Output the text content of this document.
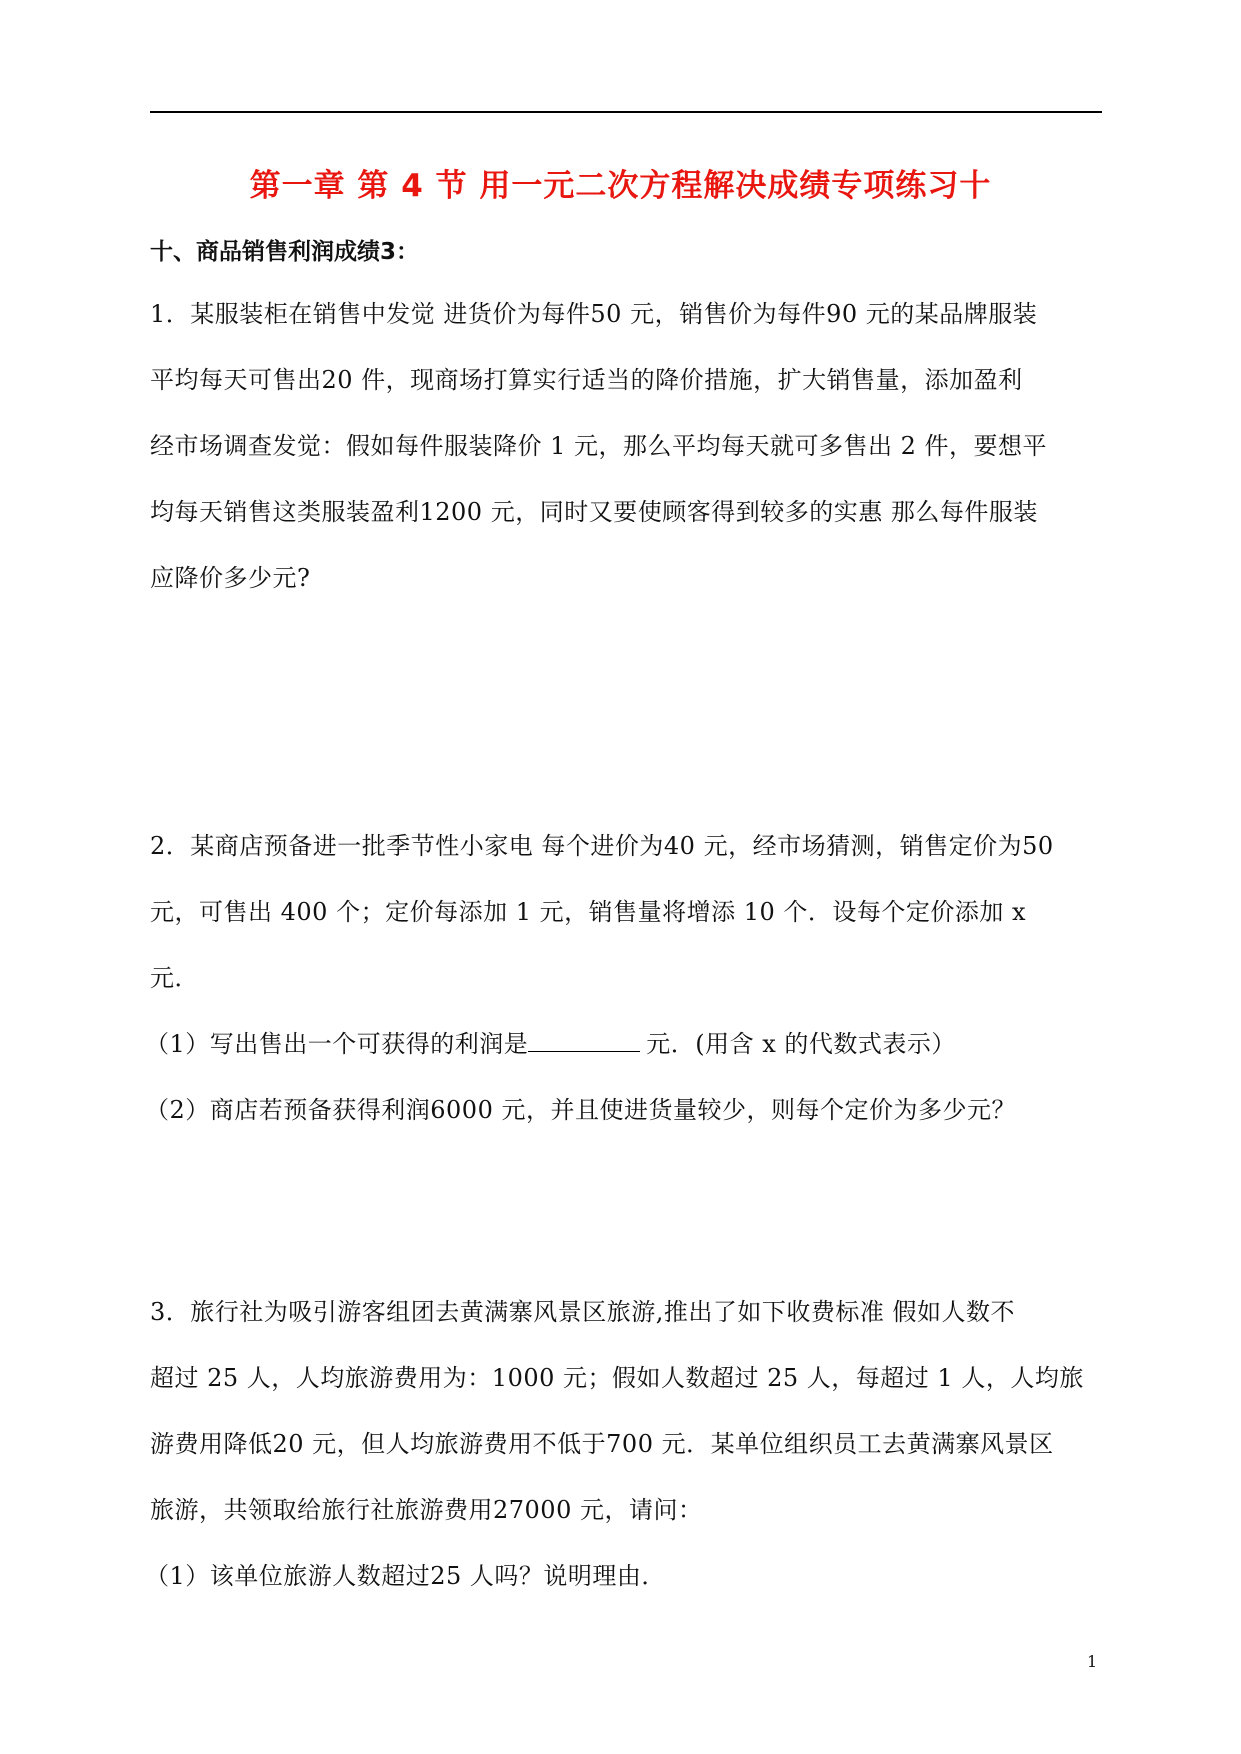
第一章 第 4 节 用一元二次方程解决成绩专项练习十
十、商品销售利润成绩3：
1．某服装柜在销售中发觉 进货价为每件50 元，销售价为每件90 元的某品牌服装
平均每天可售出20 件，现商场打算实行适当的降价措施，扩大销售量，添加盈利
经市场调查发觉：假如每件服装降价 1 元，那么平均每天就可多售出 2 件，要想平
均每天销售这类服装盈利1200 元，同时又要使顾客得到较多的实惠 那么每件服装
应降价多少元?
2．某商店预备进一批季节性小家电 每个进价为40 元，经市场猜测，销售定价为50
元，可售出 400 个；定价每添加 1 元，销售量将增添 10 个．设每个定价添加 x
元．
（1）写出售出一个可获得的利润是	元．(用含 x 的代数式表示）
（2）商店若预备获得利润6000 元，并且使进货量较少，则每个定价为多少元？
3．旅行社为吸引游客组团去黄满寨风景区旅游,推出了如下收费标准 假如人数不
超过 25 人，人均旅游费用为：1000 元；假如人数超过 25 人，每超过 1 人，人均旅
游费用降低20 元，但人均旅游费用不低于700 元．某单位组织员工去黄满寨风景区
旅游，共领取给旅行社旅游费用27000 元，请问：
（1）该单位旅游人数超过25 人吗？说明理由．
1
